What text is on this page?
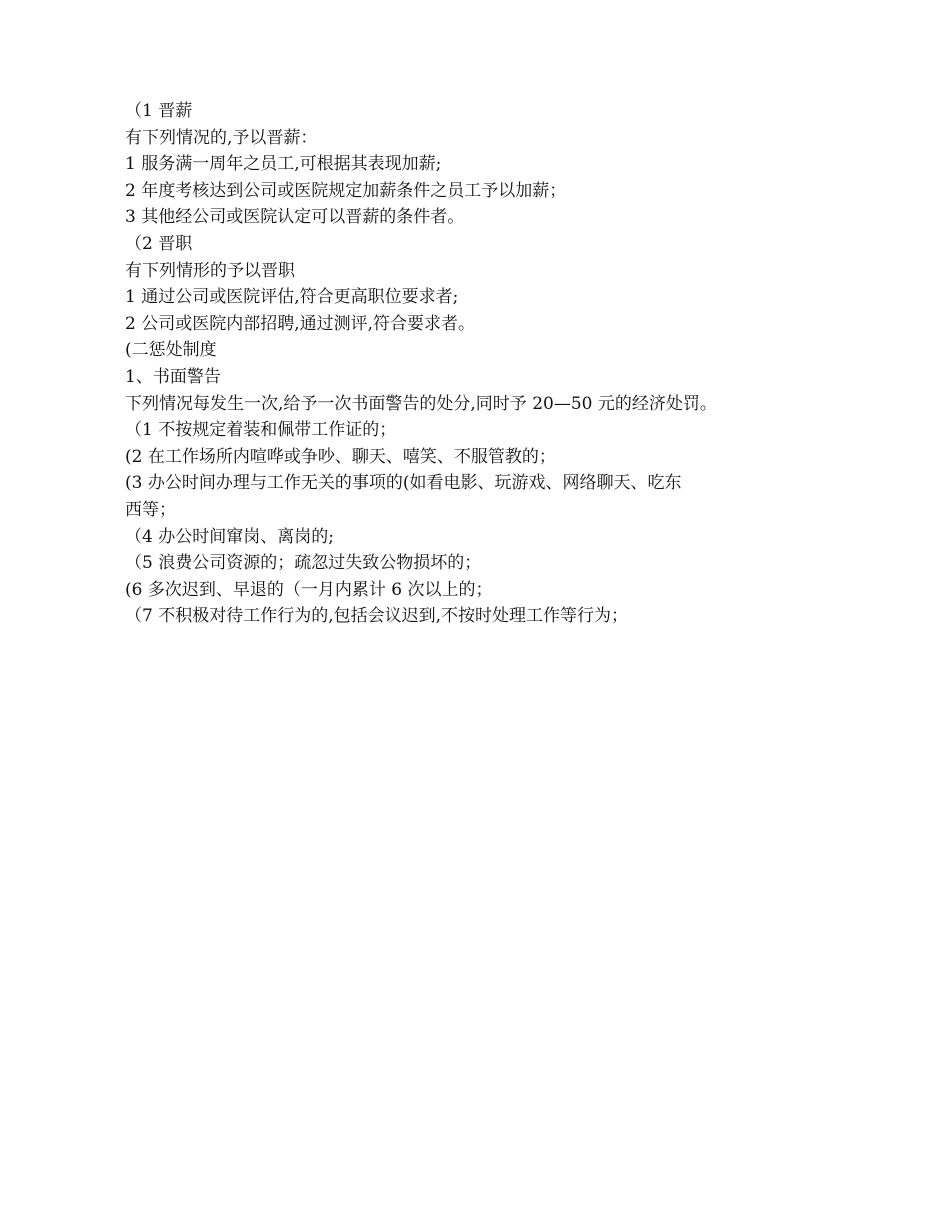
（1 晋薪

有下列情况的,予以晋薪：

1 服务满一周年之员工,可根据其表现加薪;

2 年度考核达到公司或医院规定加薪条件之员工予以加薪；

3 其他经公司或医院认定可以晋薪的条件者。

（2 晋职

有下列情形的予以晋职

1 通过公司或医院评估,符合更高职位要求者;

2 公司或医院内部招聘,通过测评,符合要求者。

(二惩处制度

1、书面警告

下列情况每发生一次,给予一次书面警告的处分,同时予 20—50 元的经济处罚。

（1 不按规定着装和佩带工作证的；

(2 在工作场所内喧哗或争吵、聊天、嘻笑、不服管教的；

(3 办公时间办理与工作无关的事项的(如看电影、玩游戏、网络聊天、吃东

西等；

（4 办公时间窜岗、离岗的;

（5 浪费公司资源的；疏忽过失致公物损坏的；

(6 多次迟到、早退的（一月内累计 6 次以上的；

（7 不积极对待工作行为的,包括会议迟到,不按时处理工作等行为；
